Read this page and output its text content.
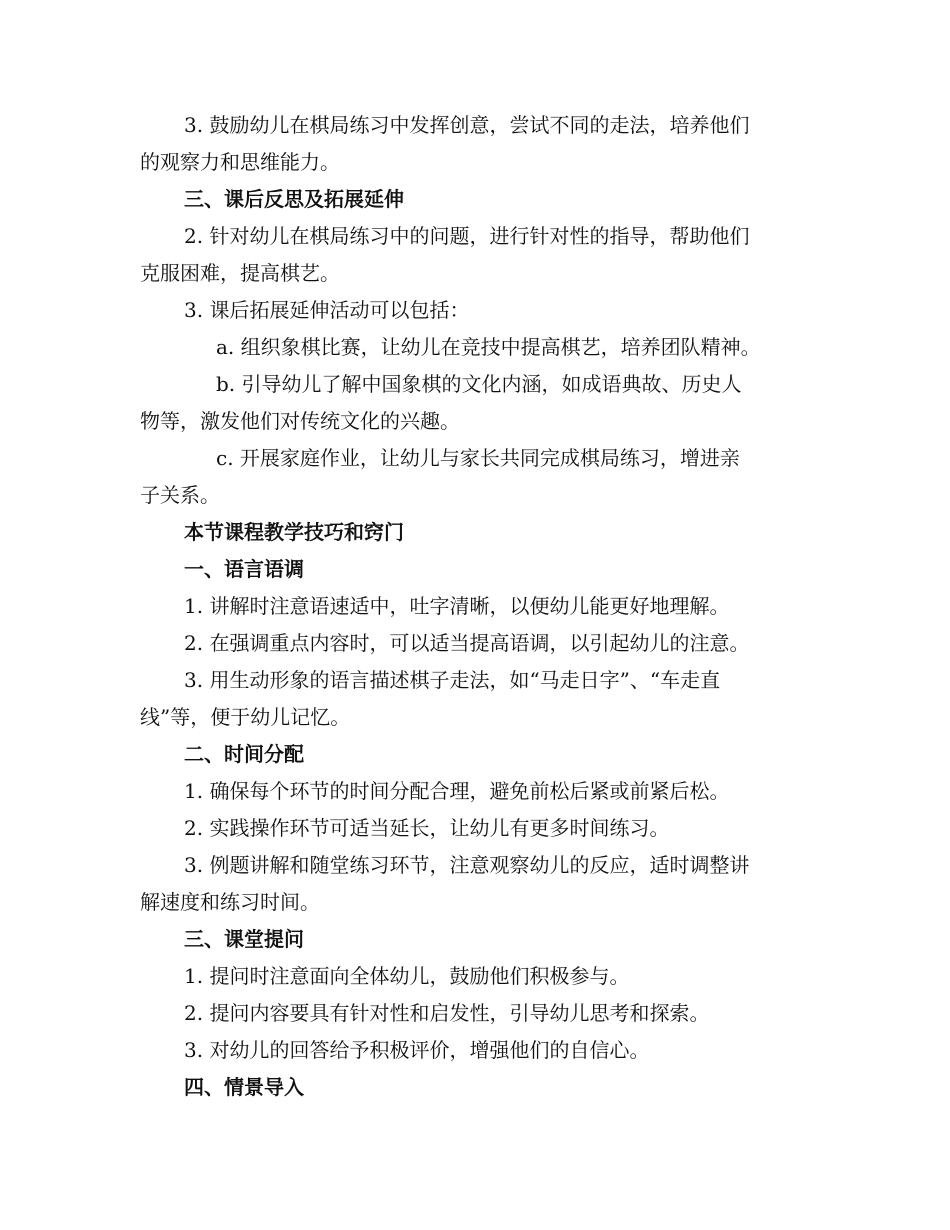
3. 鼓励幼儿在棋局练习中发挥创意，尝试不同的走法，培养他们
的观察力和思维能力。
三、课后反思及拓展延伸
2. 针对幼儿在棋局练习中的问题，进行针对性的指导，帮助他们
克服困难，提高棋艺。
3. 课后拓展延伸活动可以包括：
a. 组织象棋比赛，让幼儿在竞技中提高棋艺，培养团队精神。
b. 引导幼儿了解中国象棋的文化内涵，如成语典故、历史人
物等，激发他们对传统文化的兴趣。
c. 开展家庭作业，让幼儿与家长共同完成棋局练习，增进亲
子关系。
本节课程教学技巧和窍门
一、语言语调
1. 讲解时注意语速适中，吐字清晰，以便幼儿能更好地理解。
2. 在强调重点内容时，可以适当提高语调，以引起幼儿的注意。
3. 用生动形象的语言描述棋子走法，如“马走日字”、“车走直
线”等，便于幼儿记忆。
二、时间分配
1. 确保每个环节的时间分配合理，避免前松后紧或前紧后松。
2. 实践操作环节可适当延长，让幼儿有更多时间练习。
3. 例题讲解和随堂练习环节，注意观察幼儿的反应，适时调整讲
解速度和练习时间。
三、课堂提问
1. 提问时注意面向全体幼儿，鼓励他们积极参与。
2. 提问内容要具有针对性和启发性，引导幼儿思考和探索。
3. 对幼儿的回答给予积极评价，增强他们的自信心。
四、情景导入
